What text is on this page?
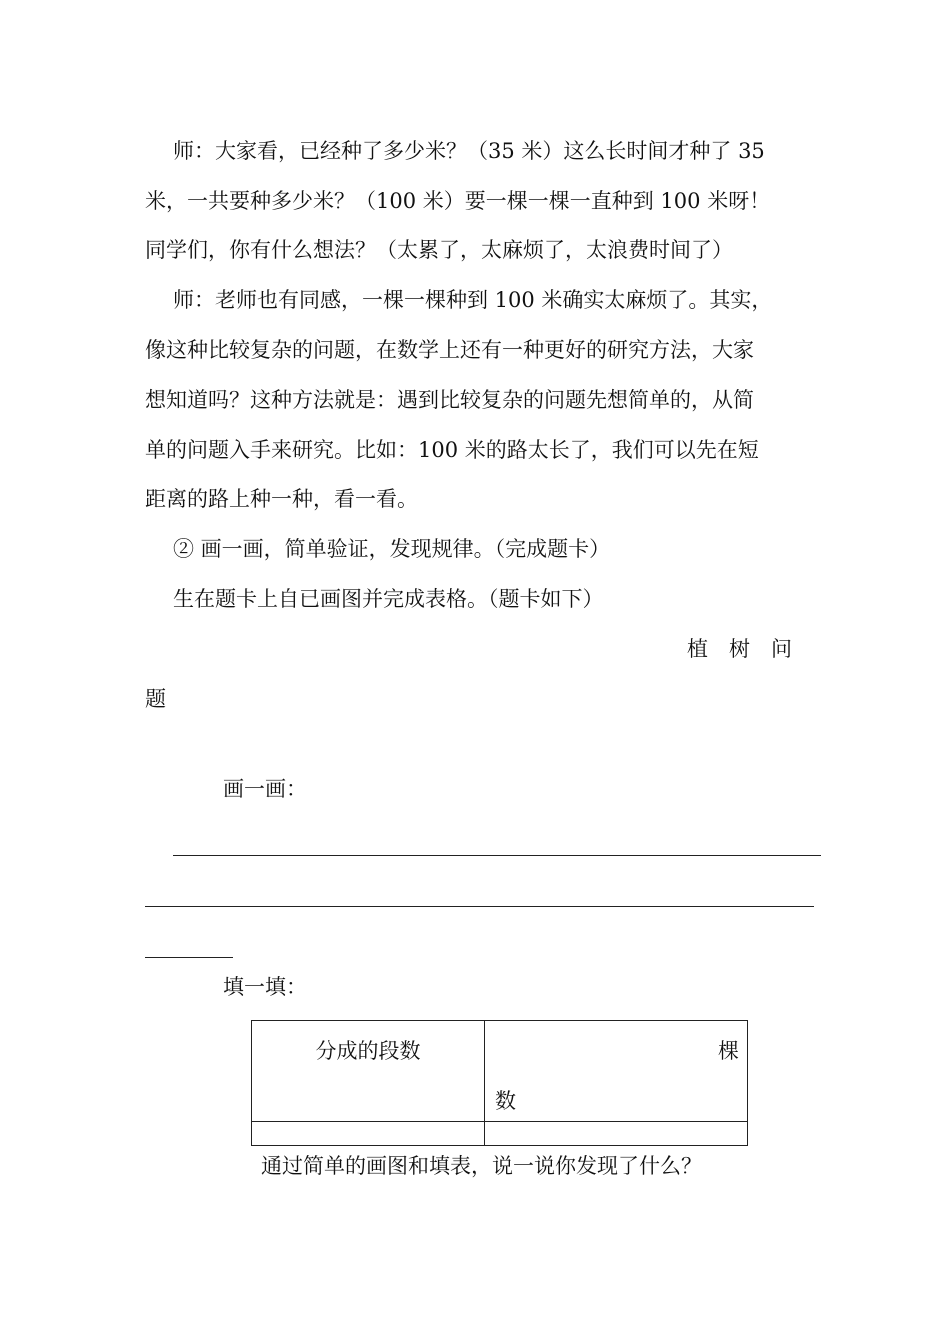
师：大家看，已经种了多少米？（35 米）这么长时间才种了 35
米，一共要种多少米？（100 米）要一棵一棵一直种到 100 米呀！
同学们，你有什么想法？（太累了，太麻烦了，太浪费时间了）
师：老师也有同感，一棵一棵种到 100 米确实太麻烦了。其实，
像这种比较复杂的问题，在数学上还有一种更好的研究方法，大家
想知道吗？这种方法就是：遇到比较复杂的问题先想简单的，从简
单的问题入手来研究。比如：100 米的路太长了，我们可以先在短
距离的路上种一种，看一看。
② 画一画，简单验证，发现规律。（完成题卡）
生在题卡上自已画图并完成表格。（题卡如下）
植　树　问
题
画一画：
填一填：
分成的段数	棵
数

通过简单的画图和填表，说一说你发现了什么？
